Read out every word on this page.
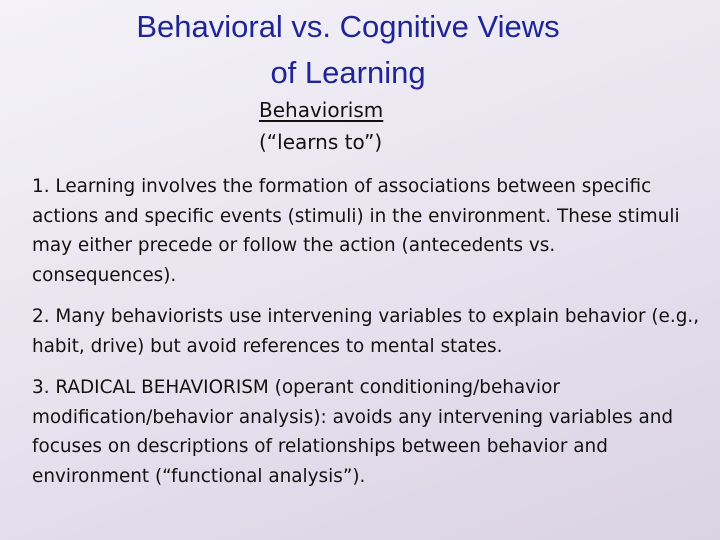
Behavioral vs. Cognitive Views
of Learning
Behaviorism
(“learns to”)

1. Learning involves the formation of associations between specific actions and specific events (stimuli) in the environment. These stimuli may either precede or follow the action (antecedents vs. consequences).

2. Many behaviorists use intervening variables to explain behavior (e.g., habit, drive) but avoid references to mental states.

3. RADICAL BEHAVIORISM (operant conditioning/behavior modification/behavior analysis): avoids any intervening variables and focuses on descriptions of relationships between behavior and environment (“functional analysis”).
